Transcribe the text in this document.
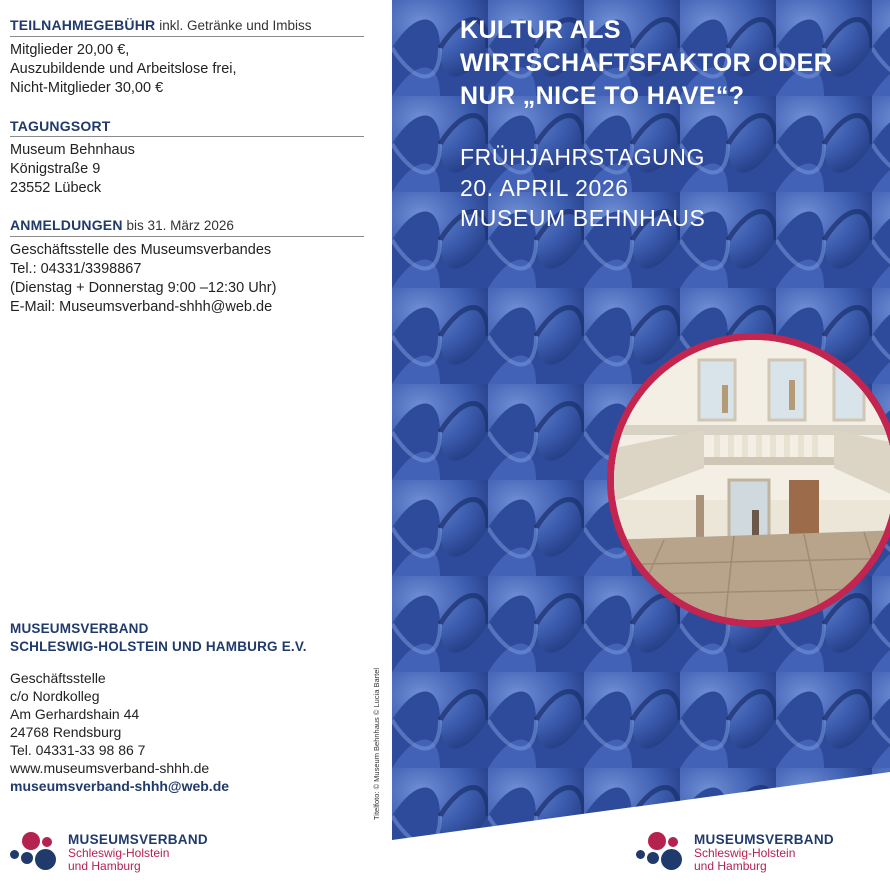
TEILNAHMEGEBÜHR inkl. Getränke und Imbiss
Mitglieder 20,00 €,
Auszubildende und Arbeitslose frei,
Nicht-Mitglieder 30,00 €
TAGUNGSORT
Museum Behnhaus
Königstraße 9
23552 Lübeck
ANMELDUNGEN bis 31. März 2026
Geschäftsstelle des Museumsverbandes
Tel.: 04331/3398867
(Dienstag + Donnerstag 9:00 –12:30 Uhr)
E-Mail: Museumsverband-shhh@web.de
MUSEUMSVERBAND
SCHLESWIG-HOLSTEIN UND HAMBURG E.V.
Geschäftsstelle
c/o Nordkolleg
Am Gerhardshain 44
24768 Rendsburg
Tel. 04331-33 98 86 7
www.museumsverband-shhh.de
museumsverband-shhh@web.de
MUSEUMSVERBAND
Schleswig-Holstein
und Hamburg
Titelfoto: © Museum Behnhaus © Lucia Bartel
KULTUR ALS
WIRTSCHAFTSFAKTOR ODER
NUR „NICE TO HAVE“?
FRÜHJAHRSTAGUNG
20. APRIL 2026
MUSEUM BEHNHAUS
MUSEUMSVERBAND
Schleswig-Holstein
und Hamburg
